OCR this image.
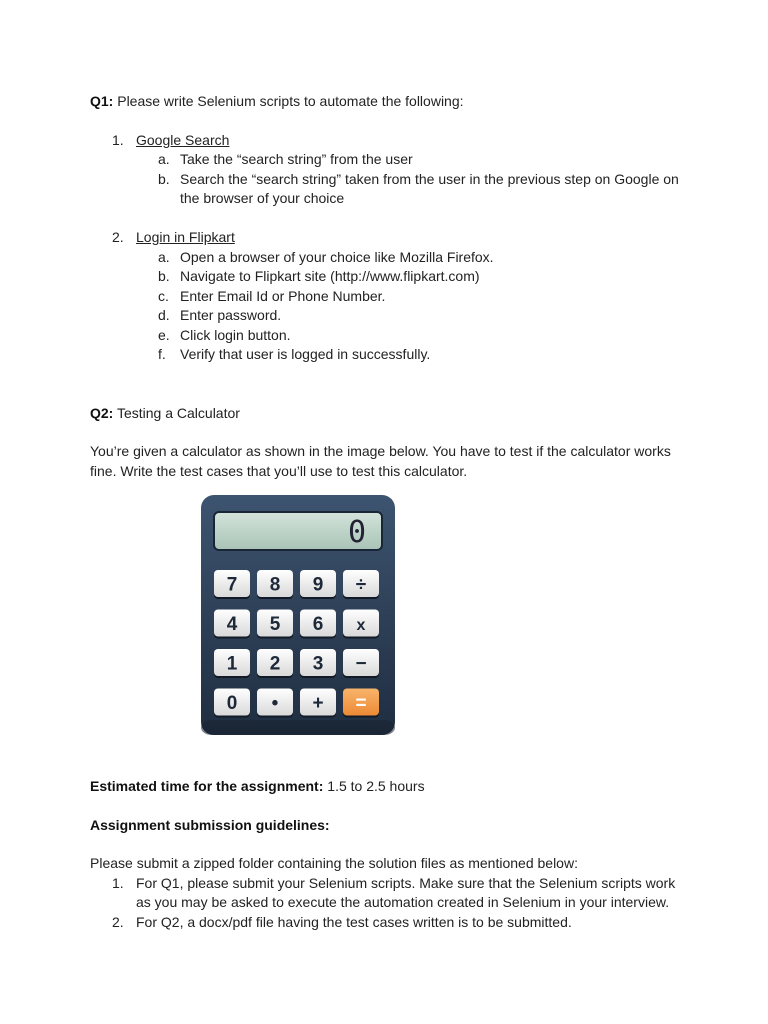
Q1: Please write Selenium scripts to automate the following:

1. Google Search
a. Take the “search string” from the user
b. Search the “search string” taken from the user in the previous step on Google on the browser of your choice
2. Login in Flipkart
a. Open a browser of your choice like Mozilla Firefox.
b. Navigate to Flipkart site (http://www.flipkart.com)
c. Enter Email Id or Phone Number.
d. Enter password.
e. Click login button.
f. Verify that user is logged in successfully.

Q2: Testing a Calculator

You’re given a calculator as shown in the image below. You have to test if the calculator works fine. Write the test cases that you’ll use to test this calculator.

0
7 8 9 ÷
4 5 6 x
1 2 3 −
0 • + =

Estimated time for the assignment: 1.5 to 2.5 hours

Assignment submission guidelines:

Please submit a zipped folder containing the solution files as mentioned below:

1. For Q1, please submit your Selenium scripts. Make sure that the Selenium scripts work as you may be asked to execute the automation created in Selenium in your interview.
2. For Q2, a docx/pdf file having the test cases written is to be submitted.
